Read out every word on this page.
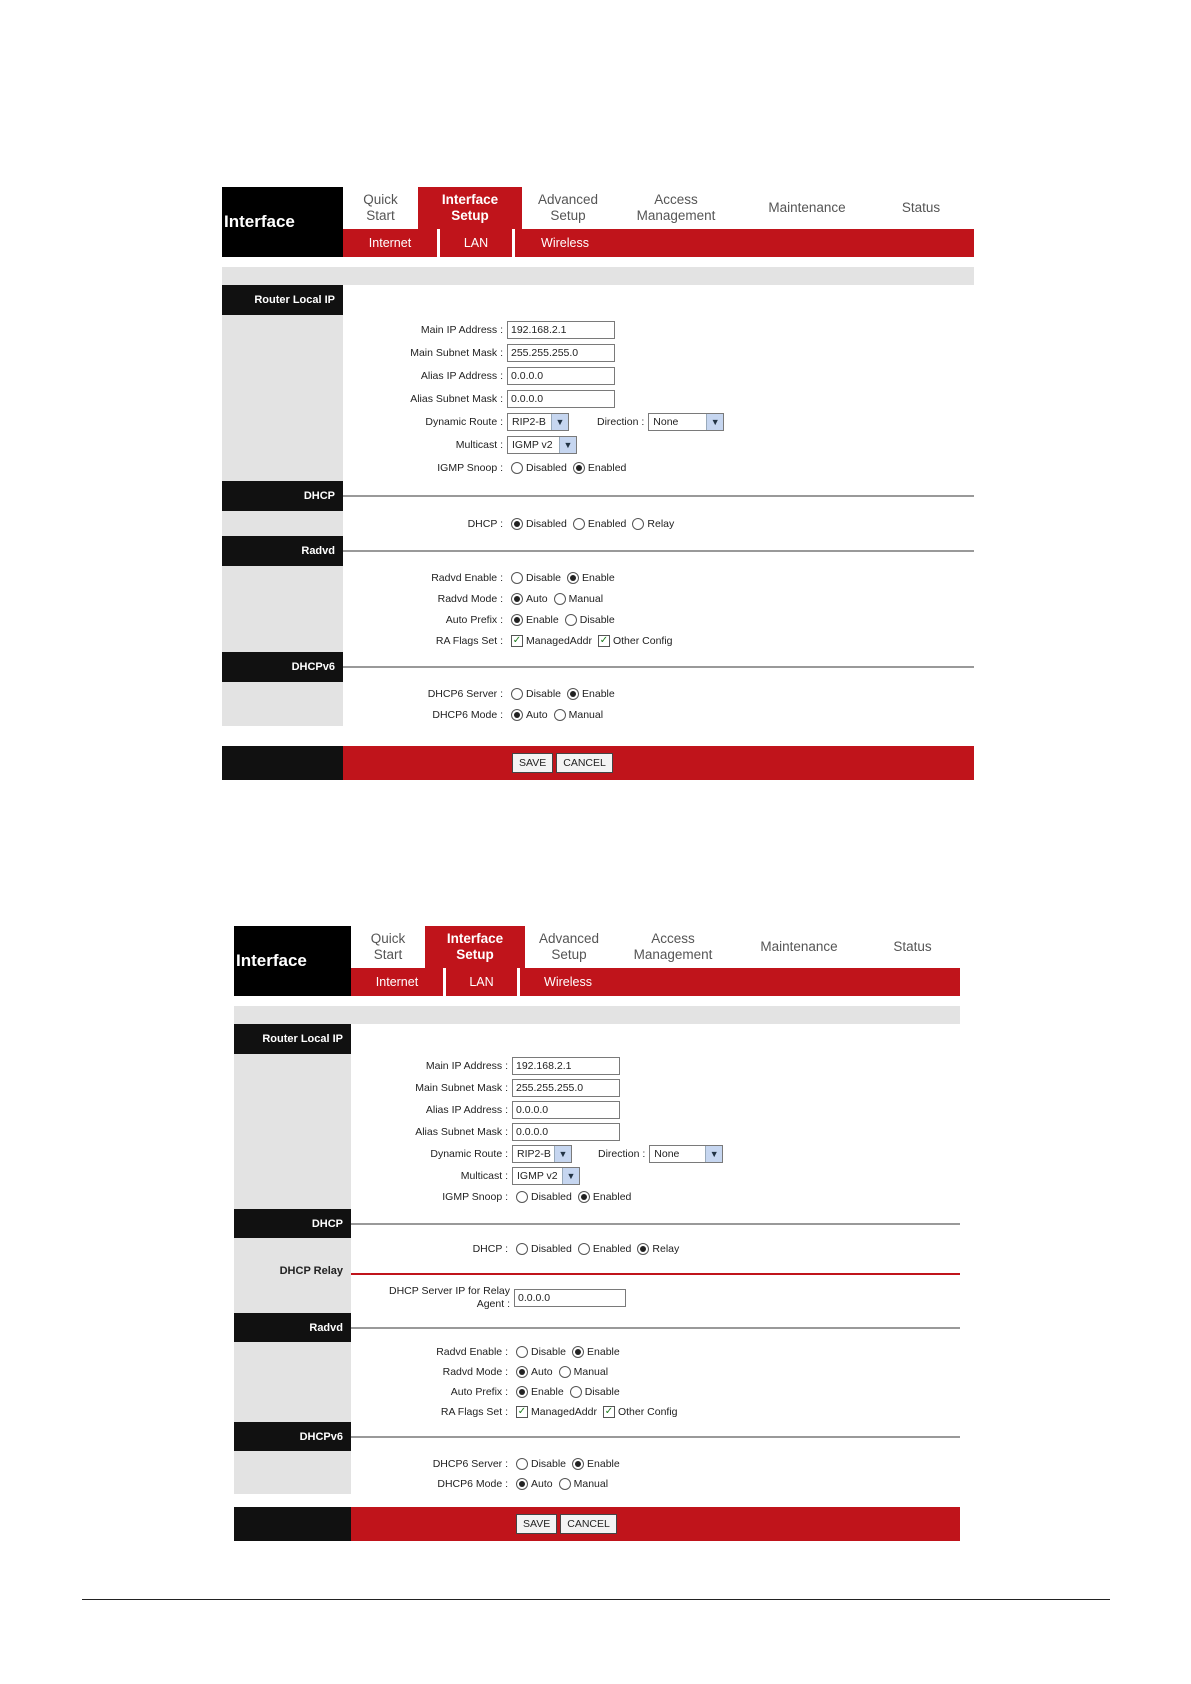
Interface
Quick
Start
Interface
Setup
Advanced
Setup
Access
Management
Maintenance	Status
Internet	LAN	Wireless
Router Local IP
Main IP Address :
192.168.2.1
Main Subnet Mask :
255.255.255.0
Alias IP Address :
0.0.0.0
Alias Subnet Mask :
0.0.0.0
Dynamic Route : RIP2-B	▼	Direction : None	▼
Multicast : IGMP v2	▼
IGMP Snoop :	Disabled Enabled
DHCP
DHCP :	Disabled Enabled Relay
Radvd
Radvd Enable :	Disable Enable
Radvd Mode :	Auto Manual
Auto Prefix :	Enable Disable
RA Flags Set : ✓ ManagedAddr ✓ Other Config
DHCPv6
DHCP6 Server :	Disable Enable
DHCP6 Mode :	Auto Manual
SAVE	CANCEL
Interface
Quick
Start
Interface
Setup
Advanced
Setup
Access
Management
Maintenance	Status
Internet	LAN	Wireless
Router Local IP
Main IP Address :
192.168.2.1
Main Subnet Mask :
255.255.255.0
Alias IP Address :
0.0.0.0
Alias Subnet Mask :
0.0.0.0
Dynamic Route : RIP2-B ▼	Direction : None	▼
Multicast : IGMP v2 ▼
IGMP Snoop :	Disabled Enabled
DHCP
DHCP :	Disabled Enabled Relay
DHCP Relay
DHCP Server IP for Relay
Agent :
0.0.0.0
Radvd
Radvd Enable :	Disable Enable
Radvd Mode :	Auto Manual
Auto Prefix :	Enable Disable
RA Flags Set : ✓ ManagedAddr ✓ Other Config
DHCPv6
DHCP6 Server :	Disable Enable
DHCP6 Mode :	Auto Manual
SAVE	CANCEL
